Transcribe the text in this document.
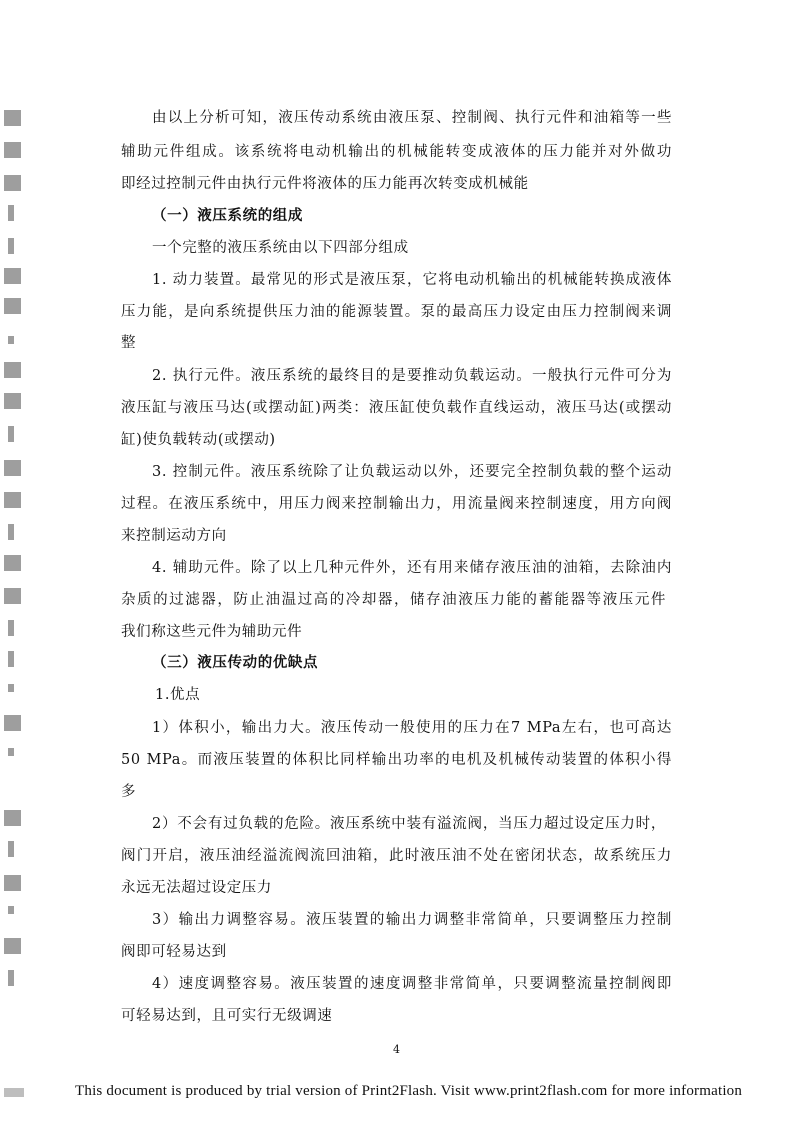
由以上分析可知，液压传动系统由液压泵、控制阀、执行元件和油箱等一些
辅助元件组成。该系统将电动机输出的机械能转变成液体的压力能并对外做功
即经过控制元件由执行元件将液体的压力能再次转变成机械能
（一）液压系统的组成
一个完整的液压系统由以下四部分组成
1. 动力装置。最常见的形式是液压泵，它将电动机输出的机械能转换成液体
压力能，是向系统提供压力油的能源装置。泵的最高压力设定由压力控制阀来调
整
2. 执行元件。液压系统的最终目的是要推动负载运动。一般执行元件可分为
液压缸与液压马达(或摆动缸)两类：液压缸使负载作直线运动，液压马达(或摆动
缸)使负载转动(或摆动)
3. 控制元件。液压系统除了让负载运动以外，还要完全控制负载的整个运动
过程。在液压系统中，用压力阀来控制输出力，用流量阀来控制速度，用方向阀
来控制运动方向
4. 辅助元件。除了以上几种元件外，还有用来储存液压油的油箱，去除油内
杂质的过滤器，防止油温过高的冷却器，储存油液压力能的蓄能器等液压元件
我们称这些元件为辅助元件
（三）液压传动的优缺点
1.优点
1）体积小，输出力大。液压传动一般使用的压力在7 MPa左右，也可高达
50 MPa。而液压装置的体积比同样输出功率的电机及机械传动装置的体积小得
多
2）不会有过负载的危险。液压系统中装有溢流阀，当压力超过设定压力时，
阀门开启，液压油经溢流阀流回油箱，此时液压油不处在密闭状态，故系统压力
永远无法超过设定压力
3）输出力调整容易。液压装置的输出力调整非常简单，只要调整压力控制
阀即可轻易达到
4）速度调整容易。液压装置的速度调整非常简单，只要调整流量控制阀即
可轻易达到，且可实行无级调速
4
This document is produced by trial version of Print2Flash. Visit www.print2flash.com for more information
